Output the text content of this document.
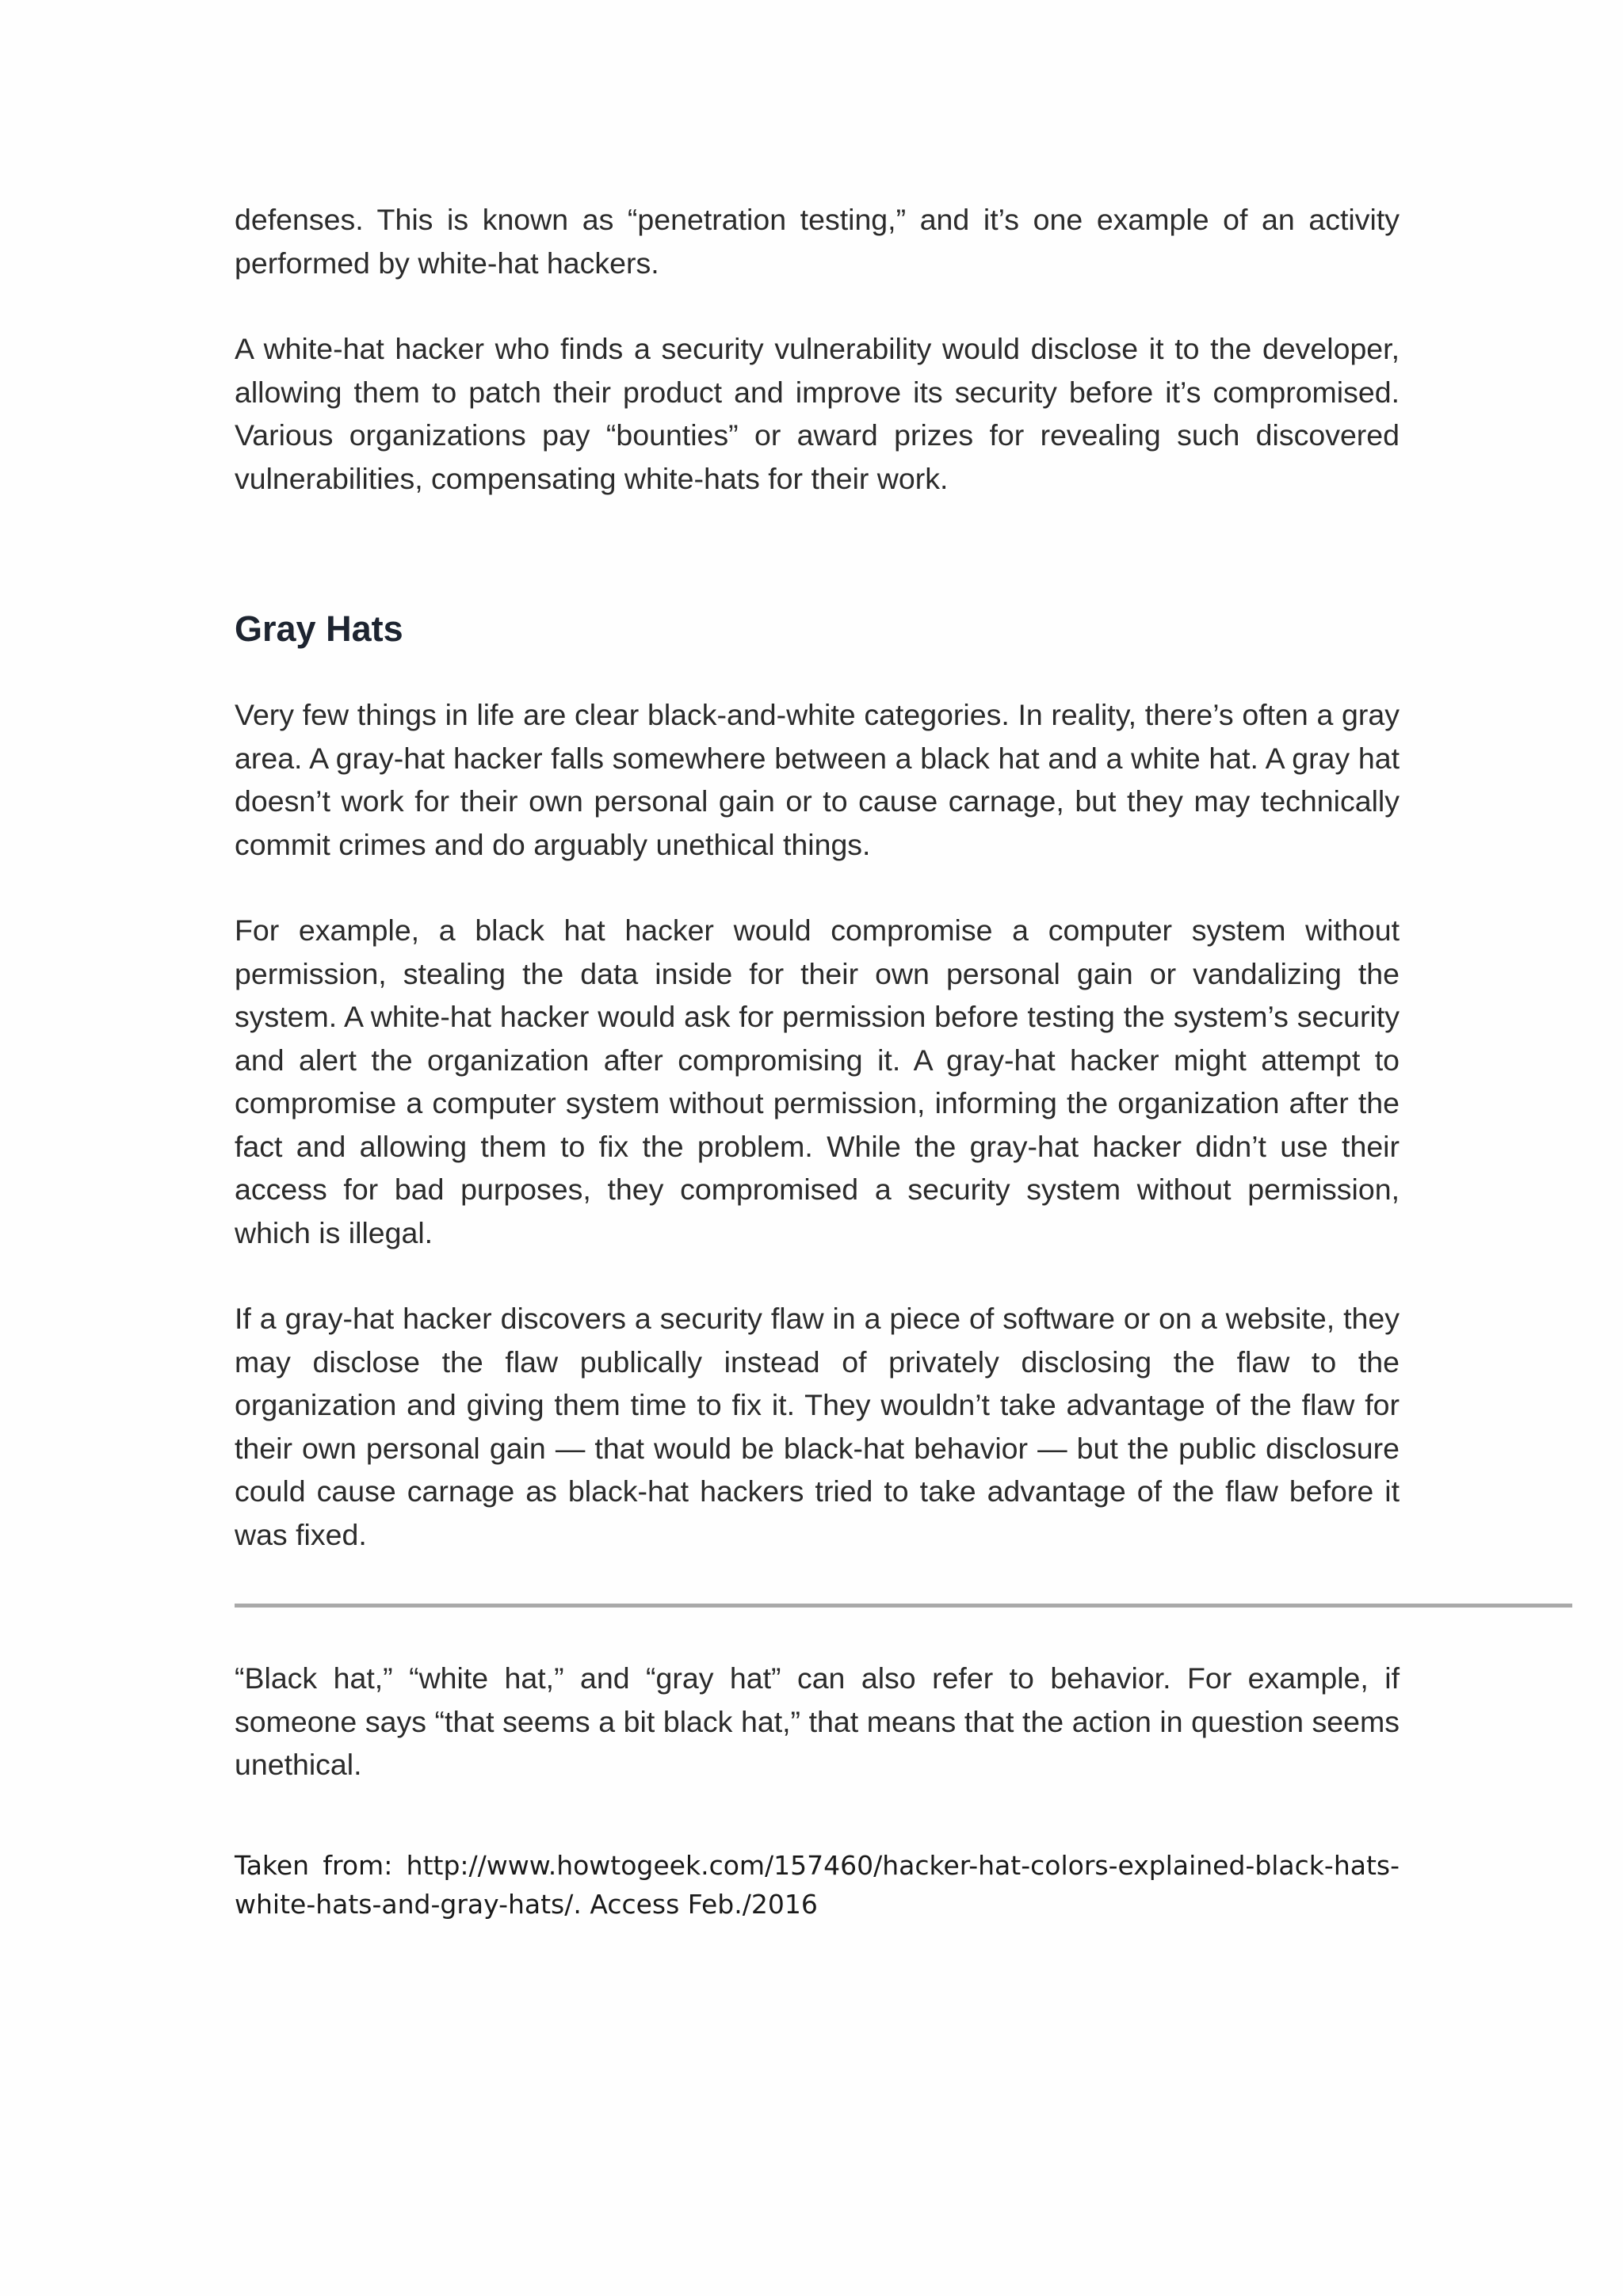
defenses. This is known as “penetration testing,” and it’s one example of an activity performed by white-hat hackers.

A white-hat hacker who finds a security vulnerability would disclose it to the developer, allowing them to patch their product and improve its security before it’s compromised. Various organizations pay “bounties” or award prizes for revealing such discovered vulnerabilities, compensating white-hats for their work.

Gray Hats

Very few things in life are clear black-and-white categories. In reality, there’s often a gray area. A gray-hat hacker falls somewhere between a black hat and a white hat. A gray hat doesn’t work for their own personal gain or to cause carnage, but they may technically commit crimes and do arguably unethical things.

For example, a black hat hacker would compromise a computer system without permission, stealing the data inside for their own personal gain or vandalizing the system. A white-hat hacker would ask for permission before testing the system’s security and alert the organization after compromising it. A gray-hat hacker might attempt to compromise a computer system without permission, informing the organization after the fact and allowing them to fix the problem. While the gray-hat hacker didn’t use their access for bad purposes, they compromised a security system without permission, which is illegal.

If a gray-hat hacker discovers a security flaw in a piece of software or on a website, they may disclose the flaw publically instead of privately disclosing the flaw to the organization and giving them time to fix it. They wouldn’t take advantage of the flaw for their own personal gain — that would be black-hat behavior — but the public disclosure could cause carnage as black-hat hackers tried to take advantage of the flaw before it was fixed.

“Black hat,” “white hat,” and “gray hat” can also refer to behavior. For example, if someone says “that seems a bit black hat,” that means that the action in question seems unethical.

Taken from: http://www.howtogeek.com/157460/hacker-hat-colors-explained-black-hats-white-hats-and-gray-hats/. Access Feb./2016
